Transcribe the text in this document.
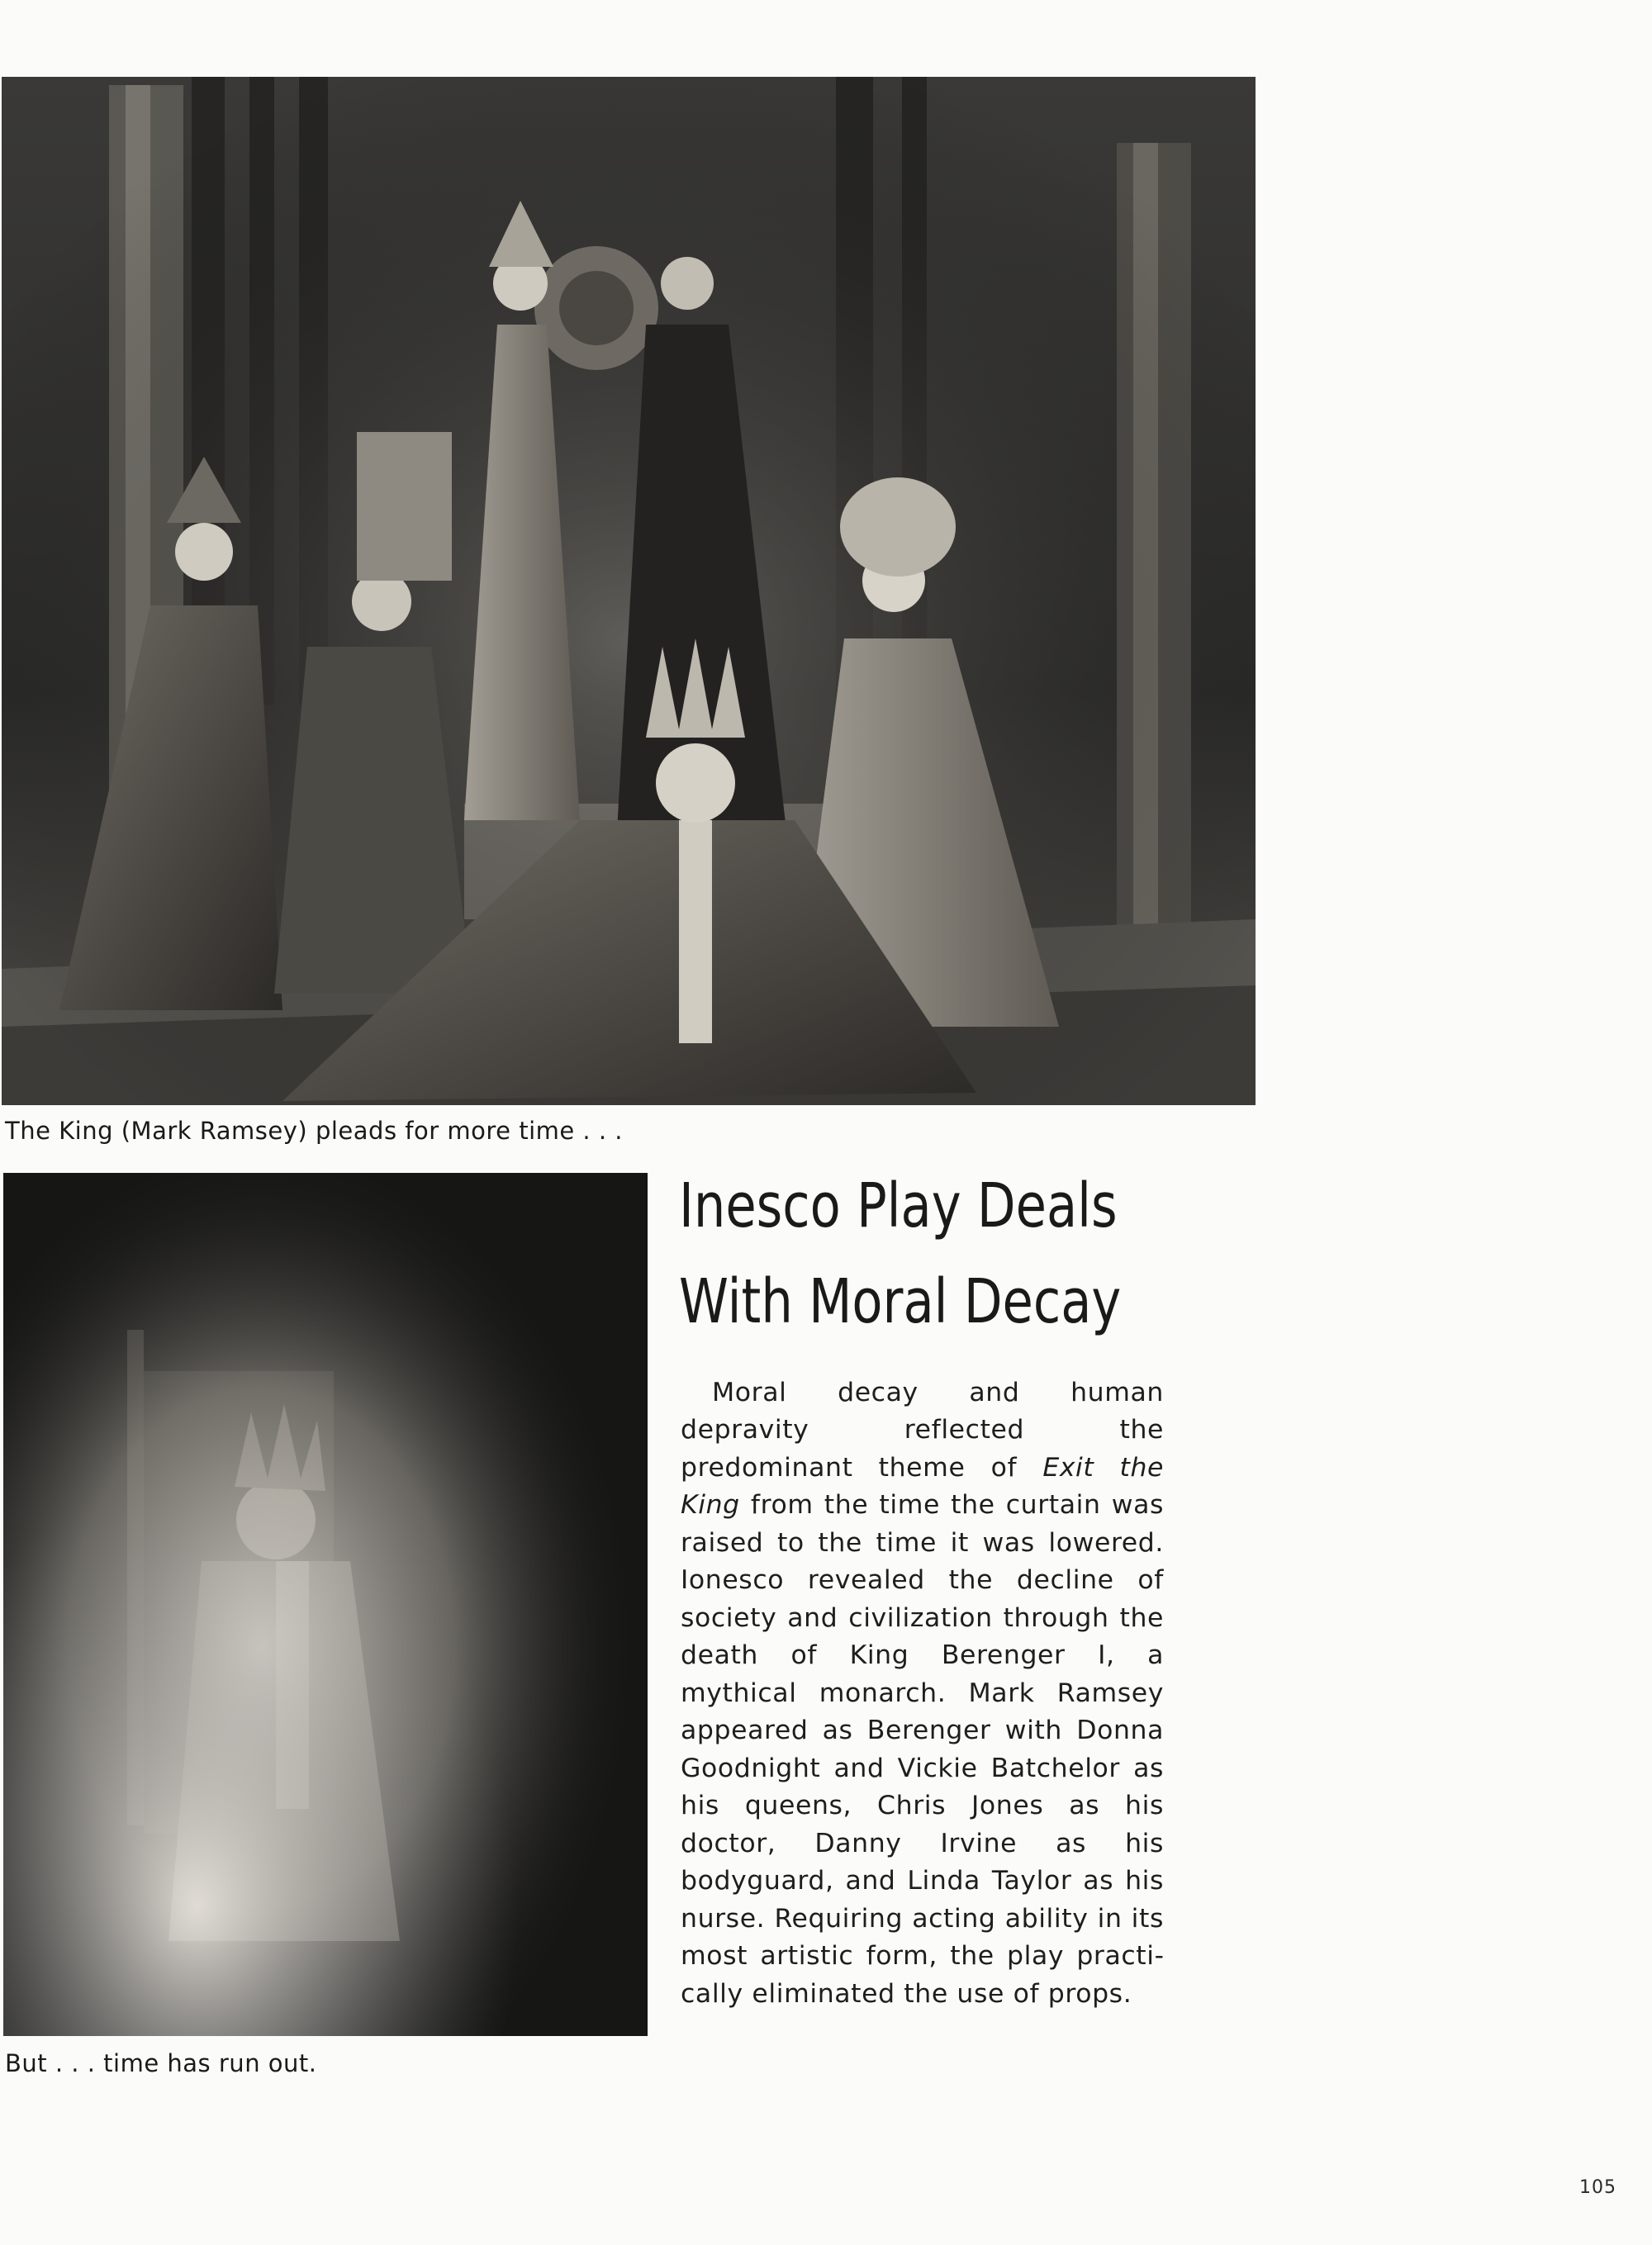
The King (Mark Ramsey) pleads for more time . . .
But . . . time has run out.
Inesco Play Deals
With Moral Decay

Moral decay and human depravity reflected the predominant theme of Exit the King from the time the curtain was raised to the time it was lowered. Ionesco revealed the decline of society and civilization through the death of King Berenger I, a mythical monarch. Mark Ramsey appeared as Berenger with Donna Goodnight and Vickie Batchelor as his queens, Chris Jones as his doctor, Danny Irvine as his bodyguard, and Linda Taylor as his nurse. Requiring acting ability in its most artistic form, the play practically eliminated the use of props.

105
